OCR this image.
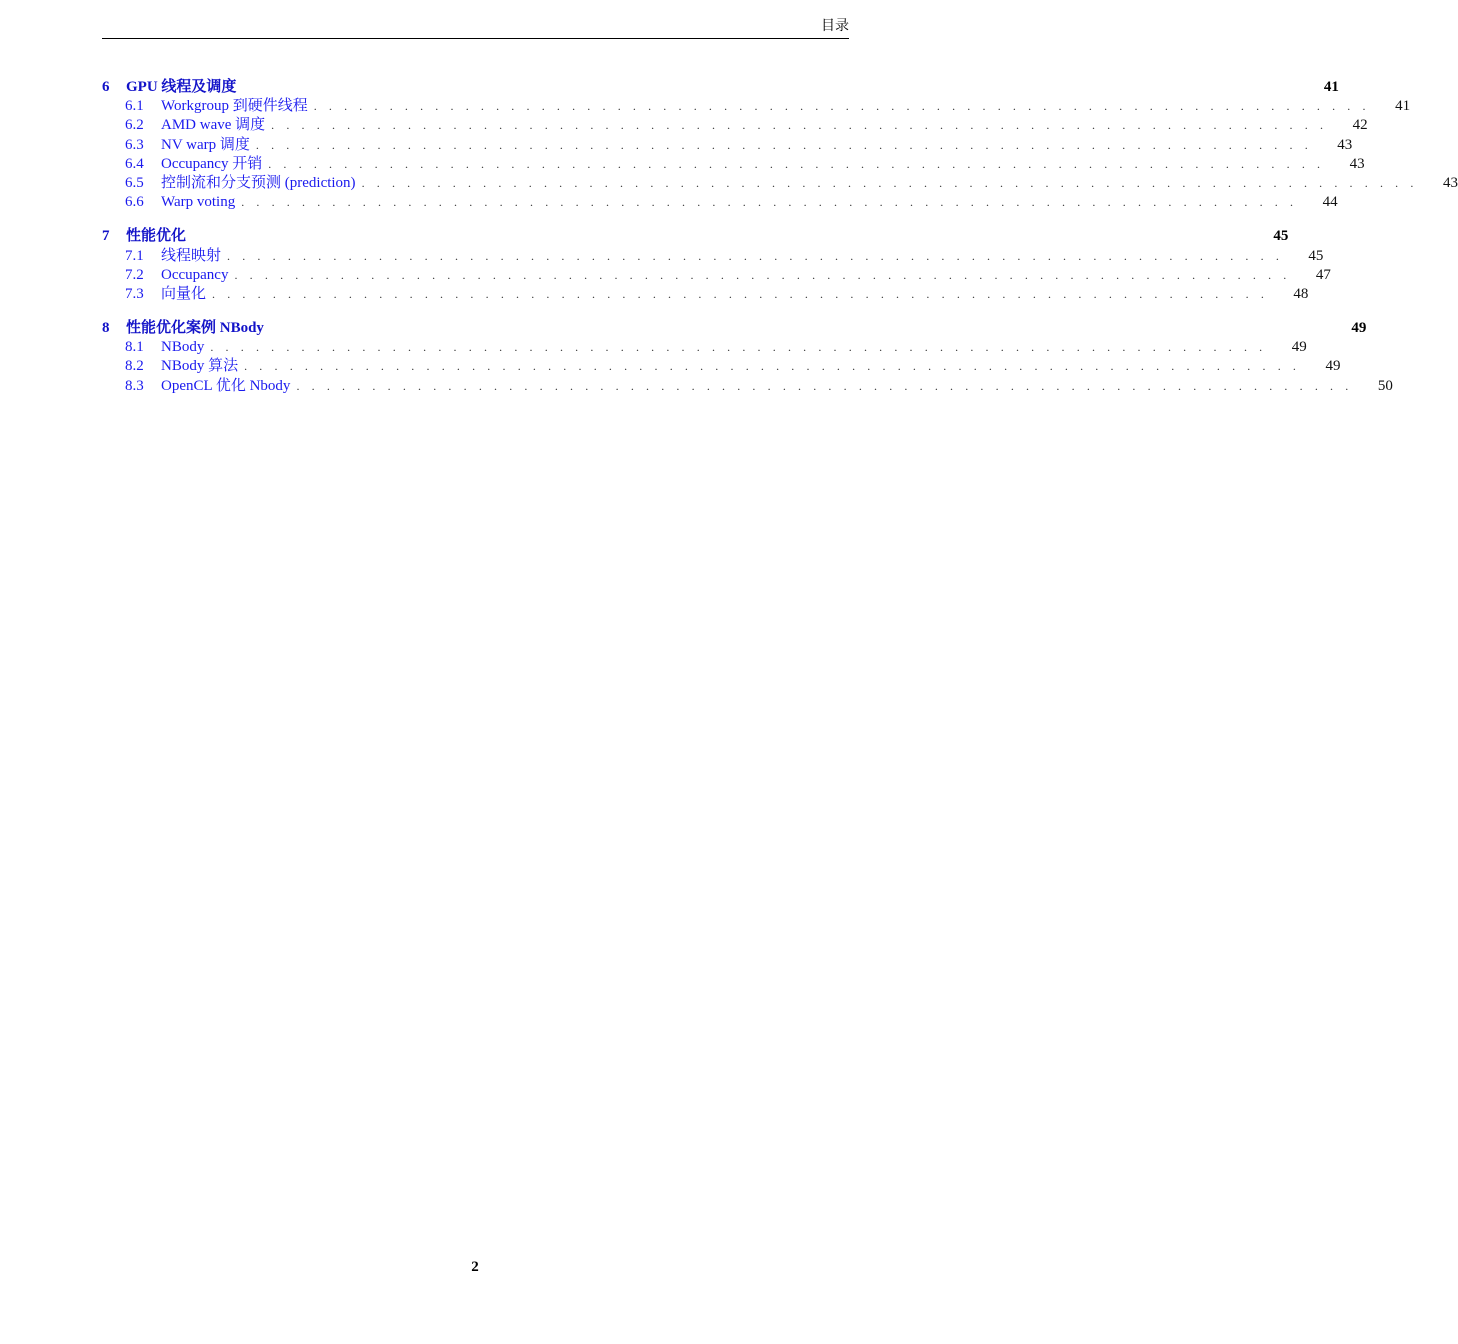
目录
6	GPU 线程及调度	41
6.1	Workgroup 到硬件线程 . . . . . . . . . . . . . . . . . . . . . . . . . . . . . . . . . . . . . . . . . . . . . . . . . . . . . . . . . . . . . . . . . . . . . .	41
6.2	AMD wave 调度 . . . . . . . . . . . . . . . . . . . . . . . . . . . . . . . . . . . . . . . . . . . . . . . . . . . . . . . . . . . . . . . . . . . . . .	42
6.3	NV warp 调度 . . . . . . . . . . . . . . . . . . . . . . . . . . . . . . . . . . . . . . . . . . . . . . . . . . . . . . . . . . . . . . . . . . . . . .	43
6.4	Occupancy 开销 . . . . . . . . . . . . . . . . . . . . . . . . . . . . . . . . . . . . . . . . . . . . . . . . . . . . . . . . . . . . . . . . . . . . . .	43
6.5	控制流和分支预测 (prediction) . . . . . . . . . . . . . . . . . . . . . . . . . . . . . . . . . . . . . . . . . . . . . . . . . . . . . . . . . . . . . . . . . . . . . .	43
6.6	Warp voting . . . . . . . . . . . . . . . . . . . . . . . . . . . . . . . . . . . . . . . . . . . . . . . . . . . . . . . . . . . . . . . . . . . . . .	44
7	性能优化	45
7.1	线程映射 . . . . . . . . . . . . . . . . . . . . . . . . . . . . . . . . . . . . . . . . . . . . . . . . . . . . . . . . . . . . . . . . . . . . . .	45
7.2	Occupancy . . . . . . . . . . . . . . . . . . . . . . . . . . . . . . . . . . . . . . . . . . . . . . . . . . . . . . . . . . . . . . . . . . . . . .	47
7.3	向量化 . . . . . . . . . . . . . . . . . . . . . . . . . . . . . . . . . . . . . . . . . . . . . . . . . . . . . . . . . . . . . . . . . . . . . .	48
8	性能优化案例 NBody	49
8.1	NBody . . . . . . . . . . . . . . . . . . . . . . . . . . . . . . . . . . . . . . . . . . . . . . . . . . . . . . . . . . . . . . . . . . . . . .	49
8.2	NBody 算法 . . . . . . . . . . . . . . . . . . . . . . . . . . . . . . . . . . . . . . . . . . . . . . . . . . . . . . . . . . . . . . . . . . . . . .	49
8.3	OpenCL 优化 Nbody . . . . . . . . . . . . . . . . . . . . . . . . . . . . . . . . . . . . . . . . . . . . . . . . . . . . . . . . . . . . . . . . . . . . . .	50
2
